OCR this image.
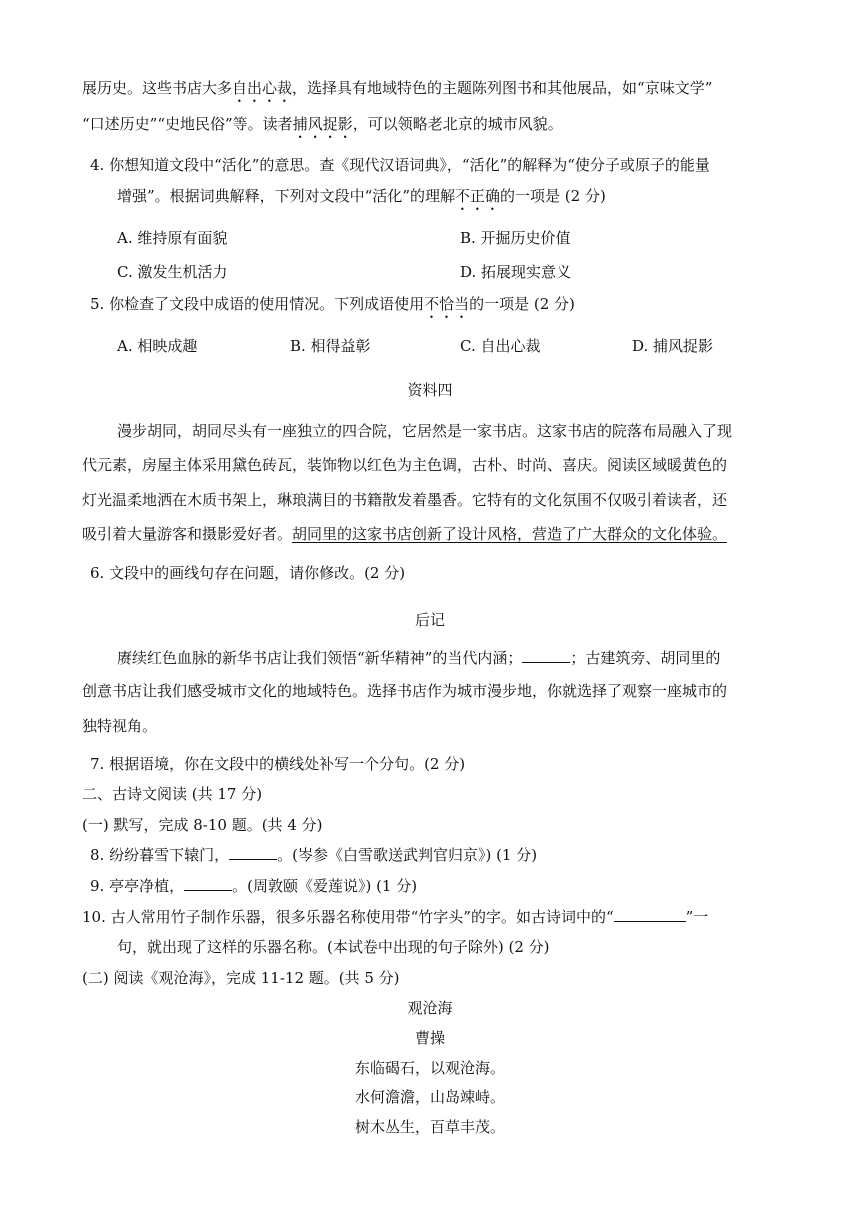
展历史。这些书店大多自出心裁，选择具有地域特色的主题陈列图书和其他展品，如“京味文学”
“口述历史”“史地民俗”等。读者捕风捉影，可以领略老北京的城市风貌。
4. 你想知道文段中“活化”的意思。查《现代汉语词典》，“活化”的解释为“使分子或原子的能量
增强”。根据词典解释，下列对文段中“活化”的理解不正确的一项是 (2 分)
A. 维持原有面貌	B. 开掘历史价值
C. 激发生机活力	D. 拓展现实意义
5. 你检查了文段中成语的使用情况。下列成语使用不恰当的一项是 (2 分)
A. 相映成趣	B. 相得益彰	C. 自出心裁	D. 捕风捉影
资料四
漫步胡同，胡同尽头有一座独立的四合院，它居然是一家书店。这家书店的院落布局融入了现
代元素，房屋主体采用黛色砖瓦，装饰物以红色为主色调，古朴、时尚、喜庆。阅读区域暖黄色的
灯光温柔地洒在木质书架上，琳琅满目的书籍散发着墨香。它特有的文化氛围不仅吸引着读者，还
吸引着大量游客和摄影爱好者。胡同里的这家书店创新了设计风格，营造了广大群众的文化体验。
6. 文段中的画线句存在问题，请你修改。(2 分)
后记
赓续红色血脉的新华书店让我们领悟“新华精神”的当代内涵；	；古建筑旁、胡同里的
创意书店让我们感受城市文化的地域特色。选择书店作为城市漫步地，你就选择了观察一座城市的
独特视角。
7. 根据语境，你在文段中的横线处补写一个分句。(2 分)
二、古诗文阅读 (共 17 分)
(一) 默写，完成 8-10 题。(共 4 分)
8. 纷纷暮雪下辕门，	。(岑参《白雪歌送武判官归京》) (1 分)
9. 亭亭净植，	。(周敦颐《爱莲说》) (1 分)
10. 古人常用竹子制作乐器，很多乐器名称使用带“竹字头”的字。如古诗词中的“	”一
句，就出现了这样的乐器名称。(本试卷中出现的句子除外) (2 分)
(二) 阅读《观沧海》，完成 11-12 题。(共 5 分)
观沧海
曹操
东临碣石，以观沧海。
水何澹澹，山岛竦峙。
树木丛生，百草丰茂。
